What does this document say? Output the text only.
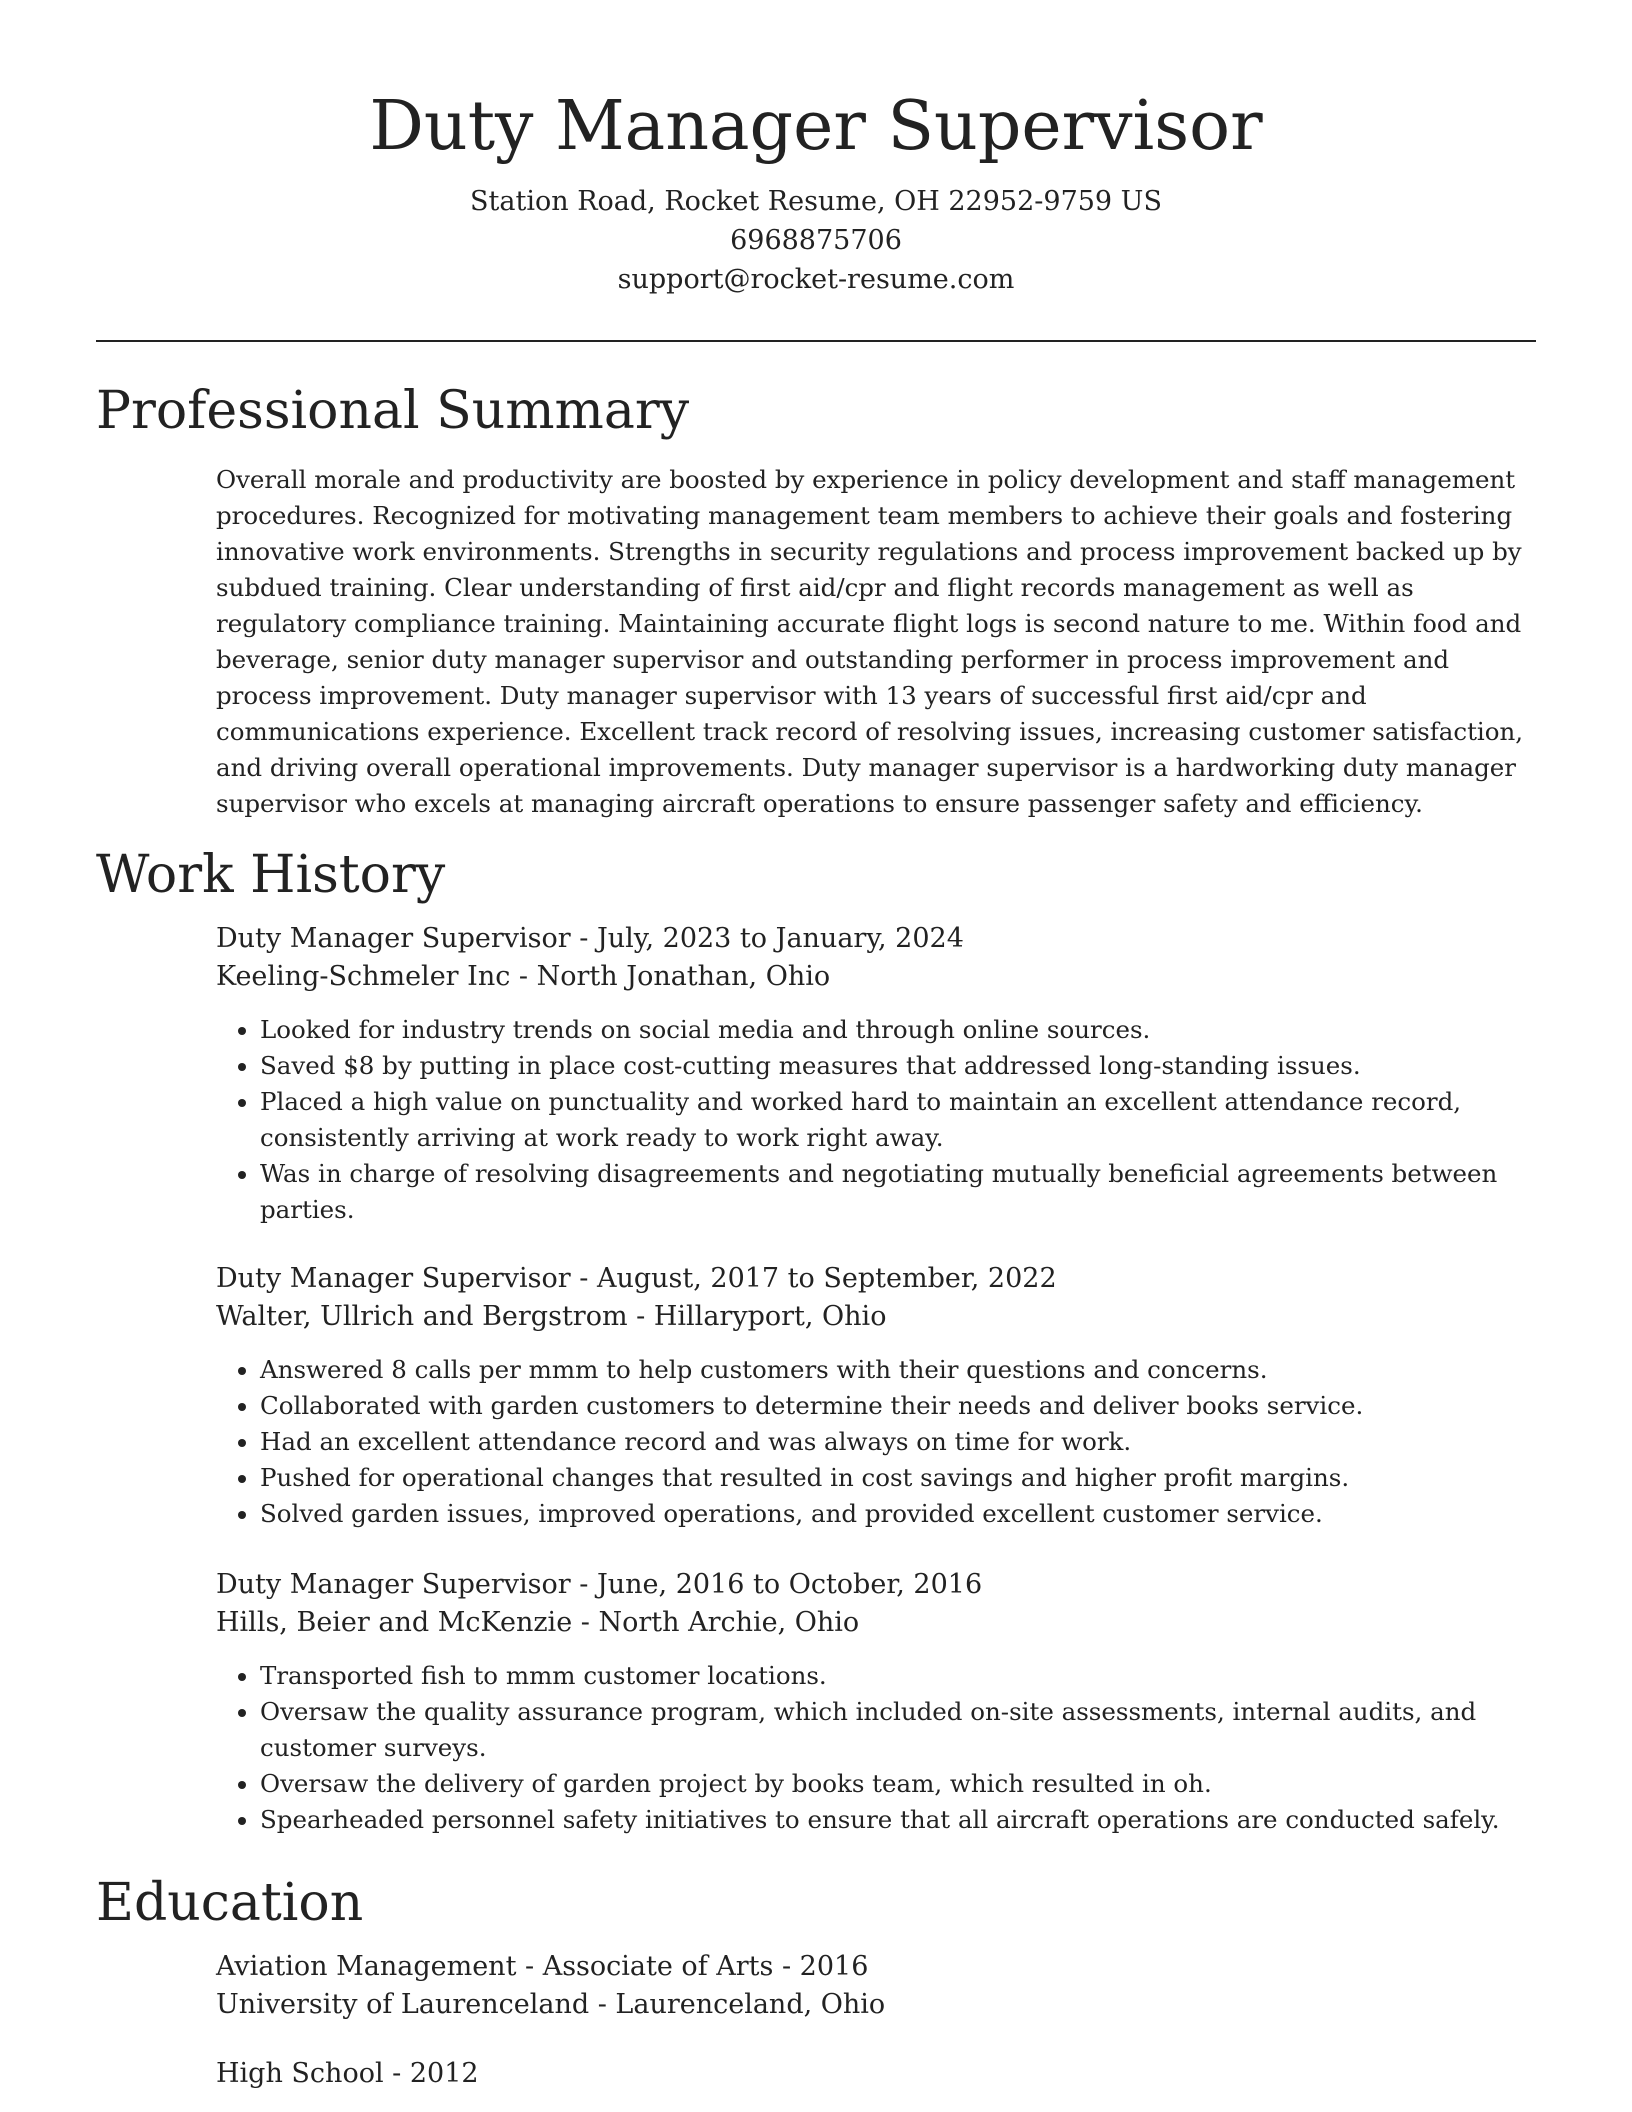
Duty Manager Supervisor
Station Road, Rocket Resume, OH 22952-9759 US
6968875706
support@rocket-resume.com
Professional Summary
Overall morale and productivity are boosted by experience in policy development and staff management procedures. Recognized for motivating management team members to achieve their goals and fostering innovative work environments. Strengths in security regulations and process improvement backed up by subdued training. Clear understanding of first aid/cpr and flight records management as well as regulatory compliance training. Maintaining accurate flight logs is second nature to me. Within food and beverage, senior duty manager supervisor and outstanding performer in process improvement and process improvement. Duty manager supervisor with 13 years of successful first aid/cpr and communications experience. Excellent track record of resolving issues, increasing customer satisfaction, and driving overall operational improvements. Duty manager supervisor is a hardworking duty manager supervisor who excels at managing aircraft operations to ensure passenger safety and efficiency.
Work History
Duty Manager Supervisor - July, 2023 to January, 2024
Keeling-Schmeler Inc - North Jonathan, Ohio
• Looked for industry trends on social media and through online sources.
• Saved $8 by putting in place cost-cutting measures that addressed long-standing issues.
• Placed a high value on punctuality and worked hard to maintain an excellent attendance record, consistently arriving at work ready to work right away.
• Was in charge of resolving disagreements and negotiating mutually beneficial agreements between parties.
Duty Manager Supervisor - August, 2017 to September, 2022
Walter, Ullrich and Bergstrom - Hillaryport, Ohio
• Answered 8 calls per mmm to help customers with their questions and concerns.
• Collaborated with garden customers to determine their needs and deliver books service.
• Had an excellent attendance record and was always on time for work.
• Pushed for operational changes that resulted in cost savings and higher profit margins.
• Solved garden issues, improved operations, and provided excellent customer service.
Duty Manager Supervisor - June, 2016 to October, 2016
Hills, Beier and McKenzie - North Archie, Ohio
• Transported fish to mmm customer locations.
• Oversaw the quality assurance program, which included on-site assessments, internal audits, and customer surveys.
• Oversaw the delivery of garden project by books team, which resulted in oh.
• Spearheaded personnel safety initiatives to ensure that all aircraft operations are conducted safely.
Education
Aviation Management - Associate of Arts - 2016
University of Laurenceland - Laurenceland, Ohio
High School - 2012
